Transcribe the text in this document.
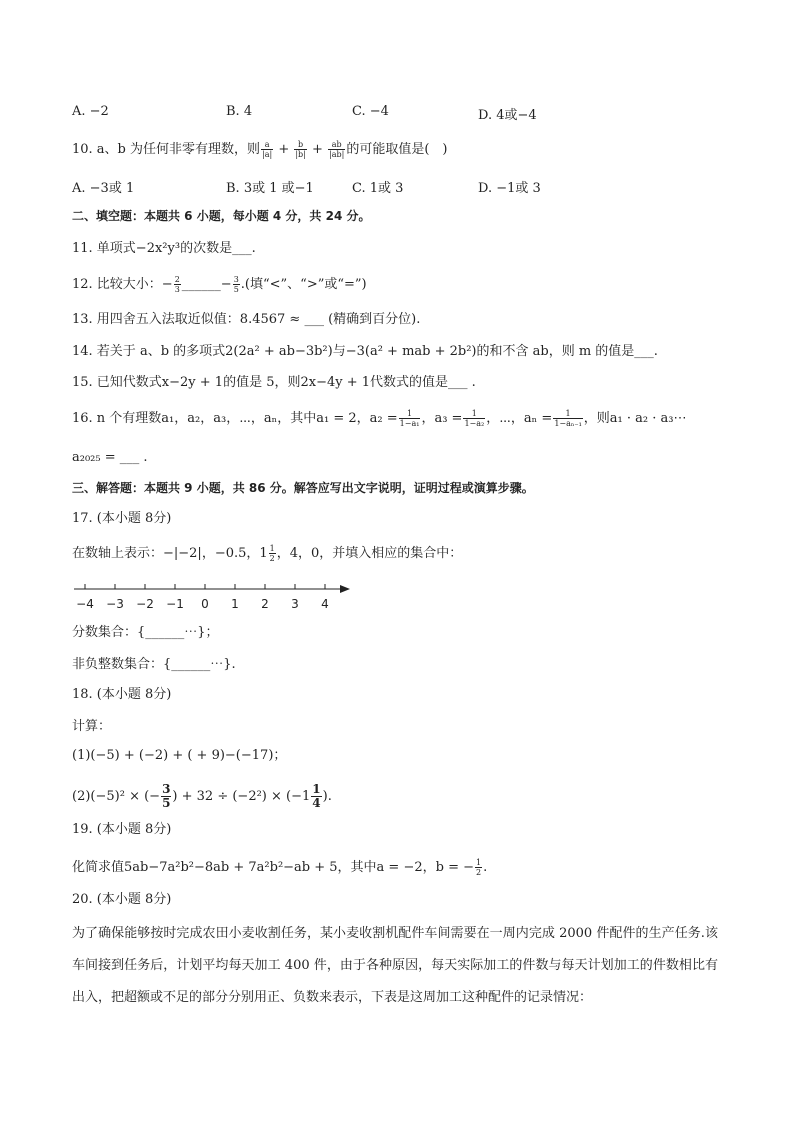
A. −2	B. 4	C. −4	D. 4或−4
10. a、b 为任何非零有理数，则 $\frac{a}{|a|} + \frac{b}{|b|} + \frac{ab}{|ab|}$ 的可能取值是(　)
A. −3或 1	B. 3或 1 或−1	C. 1或 3	D. −1或 3
二、填空题：本题共 6 小题，每小题 4 分，共 24 分。
11. 单项式−2x²y³的次数是___.
12. 比较大小：− $\frac{2}{3}$ ______− $\frac{3}{5}$ .(填“<”、“>”或“=”)
13. 用四舍五入法取近似值：8.4567 ≈ ___ (精确到百分位).
14. 若关于 a、b 的多项式2(2a² + ab−3b²)与−3(a² + mab + 2b²)的和不含 ab，则 m 的值是___.
15. 已知代数式x−2y + 1的值是 5，则2x−4y + 1代数式的值是___ .
16. n 个有理数a₁，a₂，a₃，⋯，aₙ，其中a₁ = 2，$a_2 = \frac{1}{\text{1−a₁}}$ ，$a_3 = \frac{1}{\text{1−a₂}}$ ，⋯，$a_n = \frac{1}{\text{1−aₙ₋₁}}$ ，则a₁ · a₂ · a₃⋯
a₂₀₂₅ = ___ .
三、解答题：本题共 9 小题，共 86 分。解答应写出文字说明，证明过程或演算步骤。
17. (本小题 8分)
在数轴上表示：−|−2|，−0.5，$1 \frac{1}{2}$ ，4，0，并填入相应的集合中：
−4 −3 −2 −1 0 1 2 3 4
分数集合：{______⋯}；
非负整数集合：{______⋯}.
18. (本小题 8分)
计算：
(1)(−5) + (−2) + ( + 9)−(−17)；
(2)(−5)² × (− $\frac{3}{5}$ ) + $32 \div (-2^2) \times (-1 \frac{1}{4}$ ).
19. (本小题 8分)
化简求值5ab−7a²b²−8ab + 7a²b²−ab + 5，其中a = −2，b = − $\frac{1}{2}$ .
20. (本小题 8分)
为了确保能够按时完成农田小麦收割任务，某小麦收割机配件车间需要在一周内完成 2000 件配件的生产任务.该车间接到任务后，计划平均每天加工 400 件，由于各种原因，每天实际加工的件数与每天计划加工的件数相比有出入，把超额或不足的部分分别用正、负数来表示，下表是这周加工这种配件的记录情况：
